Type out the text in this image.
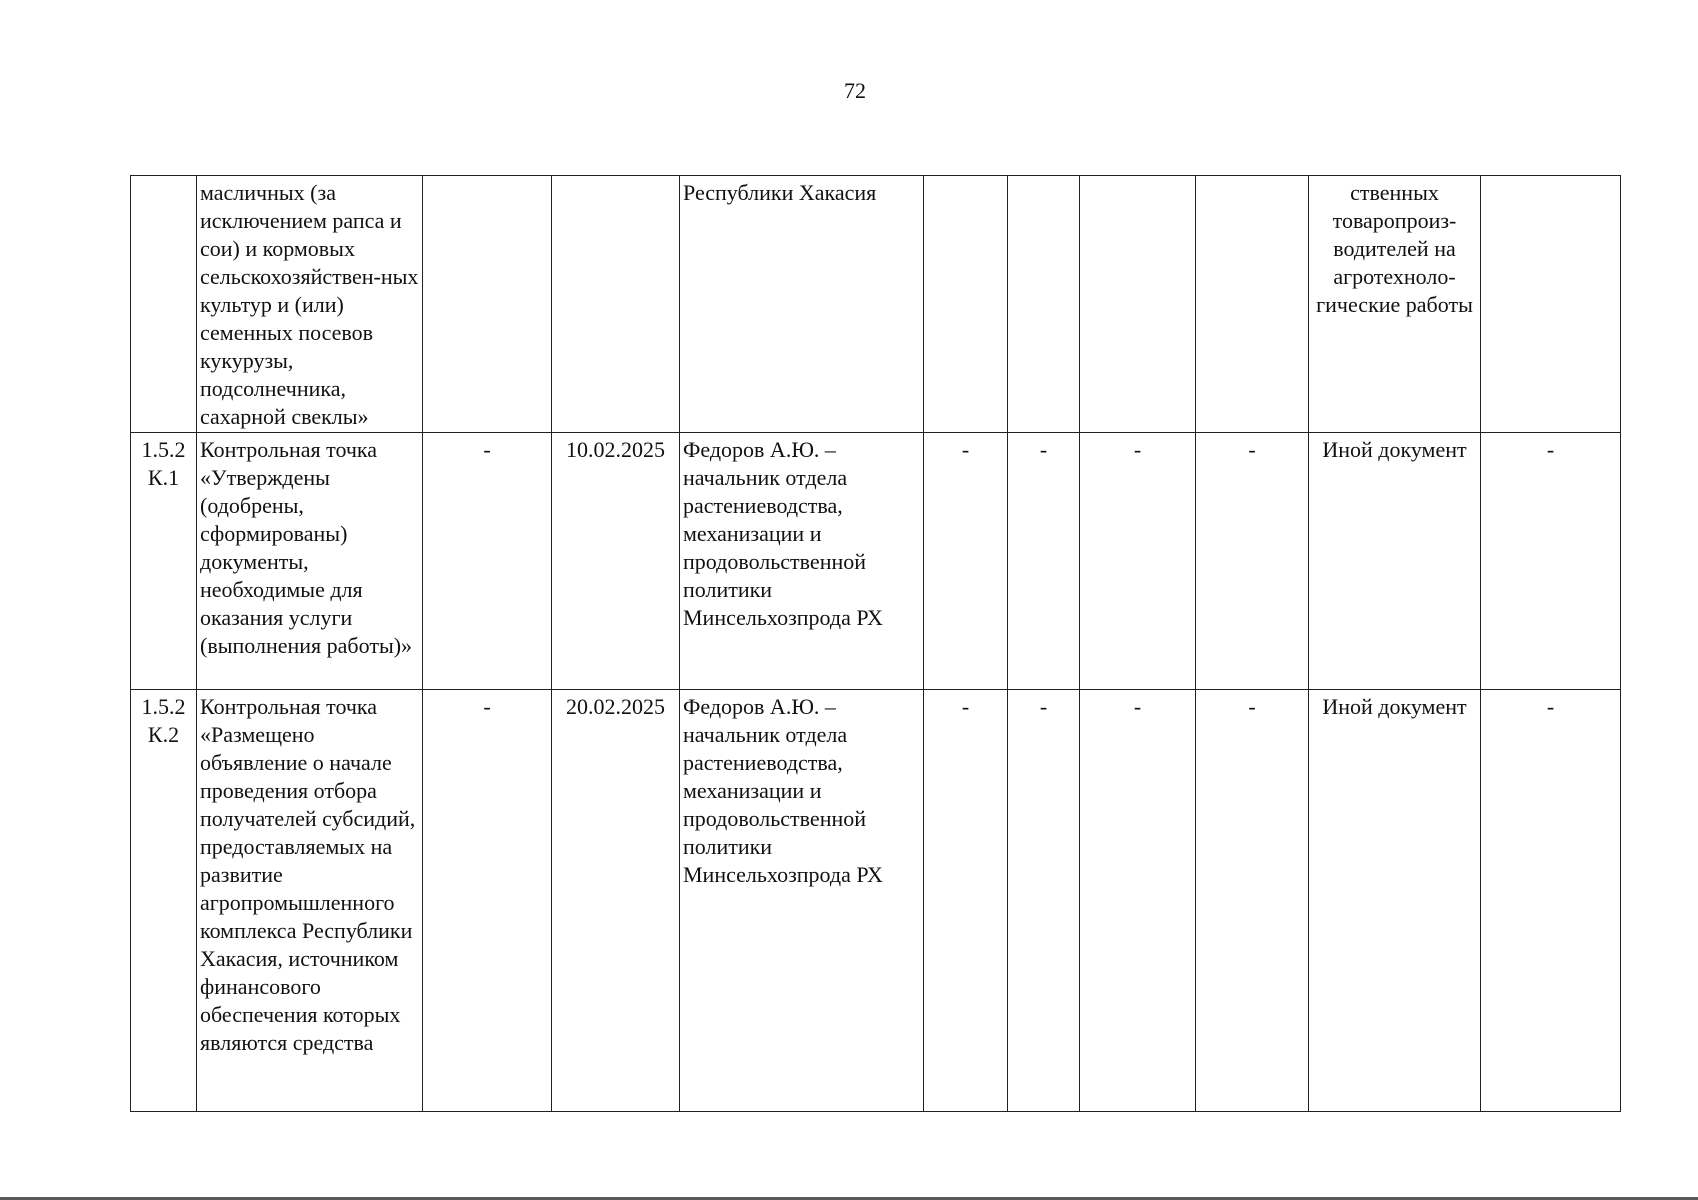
72
	масличных (за исключением рапса и сои) и кормовых сельскохозяйствен-ных культур и (или) семенных посевов кукурузы, подсолнечника, сахарной свеклы»			Республики Хакасия					ственных товаропроиз-водителей на агротехноло-гические работы	
1.5.2 К.1	Контрольная точка «Утверждены (одобрены, сформированы) документы, необходимые для оказания услуги (выполнения работы)»	-	10.02.2025	Федоров А.Ю. – начальник отдела растениеводства, механизации и продовольственной политики Минсельхозпрода РХ	-	-	-	-	Иной документ	-
1.5.2 К.2	Контрольная точка «Размещено объявление о начале проведения отбора получателей субсидий, предоставляемых на развитие агропромышленного комплекса Республики Хакасия, источником финансового обеспечения которых являются средства	-	20.02.2025	Федоров А.Ю. – начальник отдела растениеводства, механизации и продовольственной политики Минсельхозпрода РХ	-	-	-	-	Иной документ	-
